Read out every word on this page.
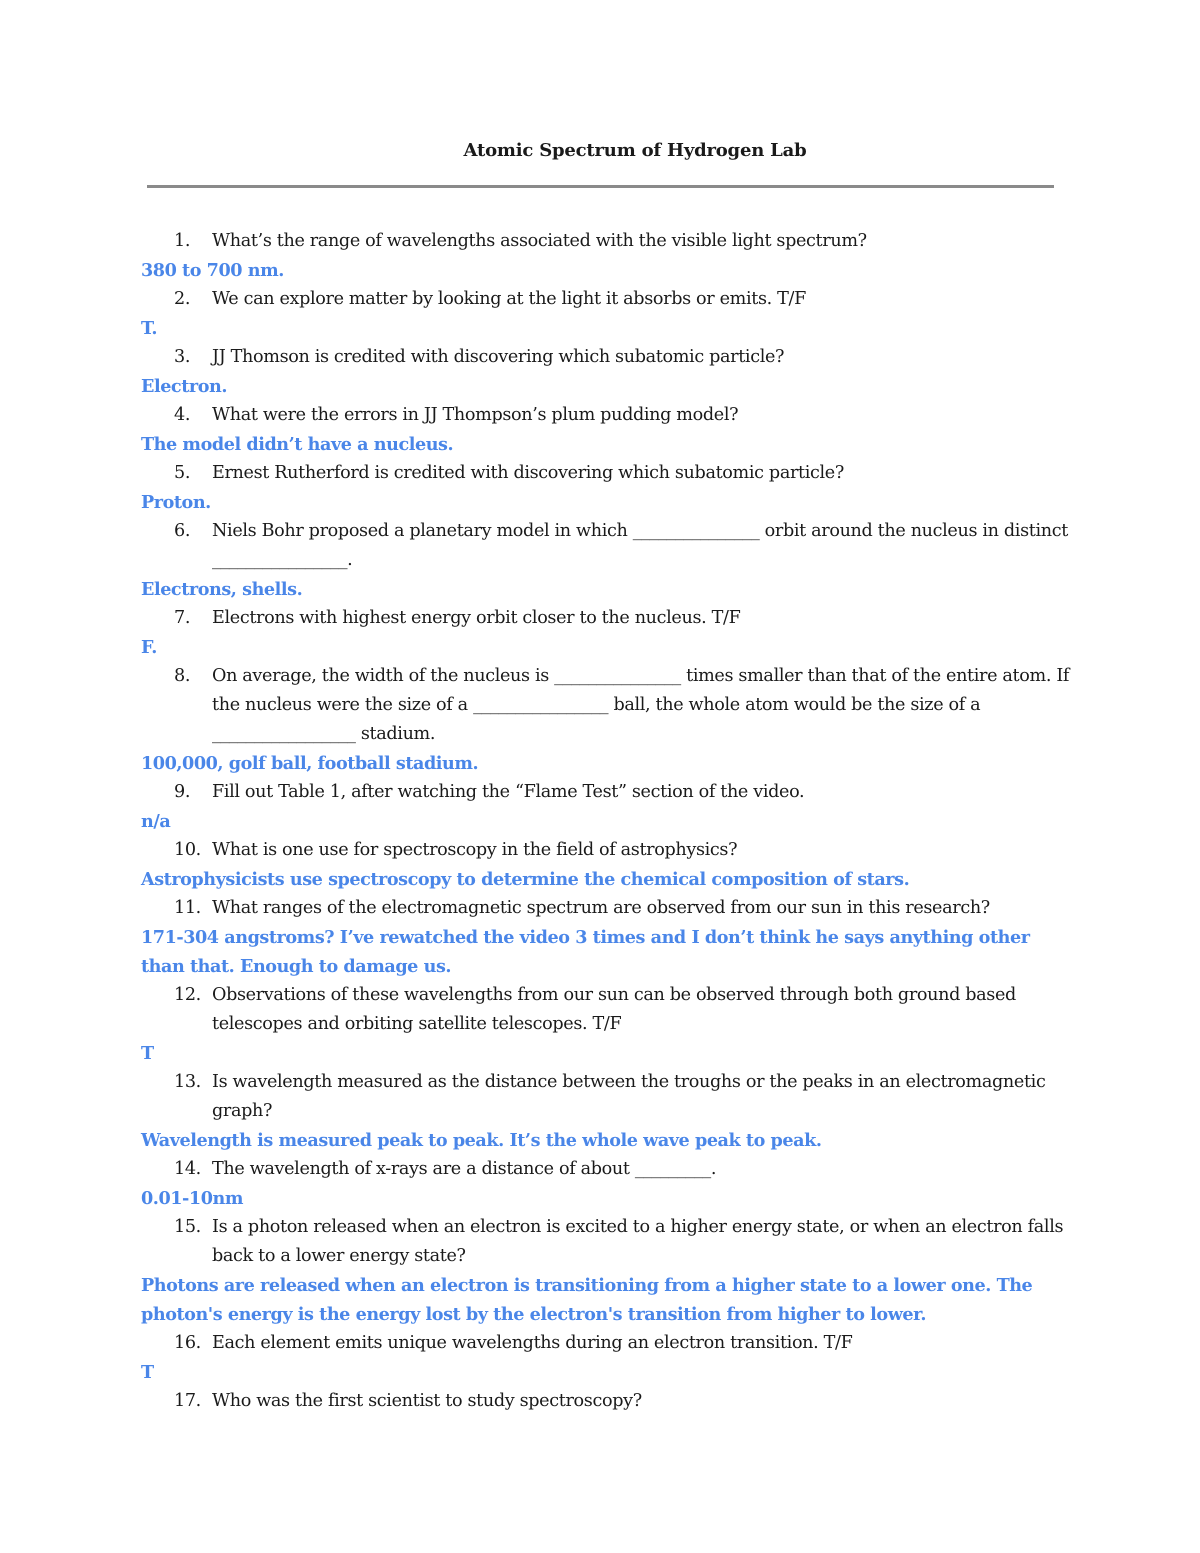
Atomic Spectrum of Hydrogen Lab
1. What’s the range of wavelengths associated with the visible light spectrum?
380 to 700 nm.
2. We can explore matter by looking at the light it absorbs or emits. T/F
T.
3. JJ Thomson is credited with discovering which subatomic particle?
Electron.
4. What were the errors in JJ Thompson’s plum pudding model?
The model didn’t have a nucleus.
5. Ernest Rutherford is credited with discovering which subatomic particle?
Proton.
6. Niels Bohr proposed a planetary model in which _______________ orbit around the nucleus in distinct ________________.
Electrons, shells.
7. Electrons with highest energy orbit closer to the nucleus. T/F
F.
8. On average, the width of the nucleus is _______________ times smaller than that of the entire atom. If the nucleus were the size of a ________________ ball, the whole atom would be the size of a _________________ stadium.
100,000, golf ball, football stadium.
9. Fill out Table 1, after watching the “Flame Test” section of the video.
n/a
10. What is one use for spectroscopy in the field of astrophysics?
Astrophysicists use spectroscopy to determine the chemical composition of stars.
11. What ranges of the electromagnetic spectrum are observed from our sun in this research?
171-304 angstroms? I’ve rewatched the video 3 times and I don’t think he says anything other than that. Enough to damage us.
12. Observations of these wavelengths from our sun can be observed through both ground based telescopes and orbiting satellite telescopes. T/F
T
13. Is wavelength measured as the distance between the troughs or the peaks in an electromagnetic graph?
Wavelength is measured peak to peak. It’s the whole wave peak to peak.
14. The wavelength of x-rays are a distance of about _________.
0.01-10nm
15. Is a photon released when an electron is excited to a higher energy state, or when an electron falls back to a lower energy state?
Photons are released when an electron is transitioning from a higher state to a lower one. The photon's energy is the energy lost by the electron's transition from higher to lower.
16. Each element emits unique wavelengths during an electron transition. T/F
T
17. Who was the first scientist to study spectroscopy?
